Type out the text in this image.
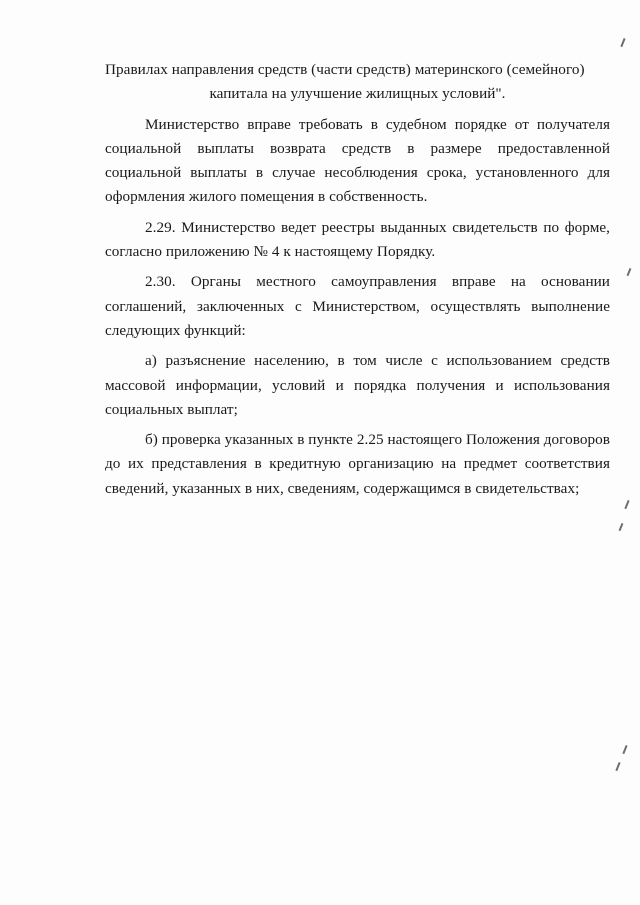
Правилах направления средств (части средств) материнского (семейного)
капитала на улучшение жилищных условий".

Министерство вправе требовать в судебном порядке от получателя социальной выплаты возврата средств в размере предоставленной социальной выплаты в случае несоблюдения срока, установленного для оформления жилого помещения в собственность.

2.29. Министерство ведет реестры выданных свидетельств по форме, согласно приложению № 4 к настоящему Порядку.

2.30. Органы местного самоуправления вправе на основании соглашений, заключенных с Министерством, осуществлять выполнение следующих функций:

а) разъяснение населению, в том числе с использованием средств массовой информации, условий и порядка получения и использования социальных выплат;

б) проверка указанных в пункте 2.25 настоящего Положения договоров до их представления в кредитную организацию на предмет соответствия сведений, указанных в них, сведениям, содержащимся в свидетельствах;
